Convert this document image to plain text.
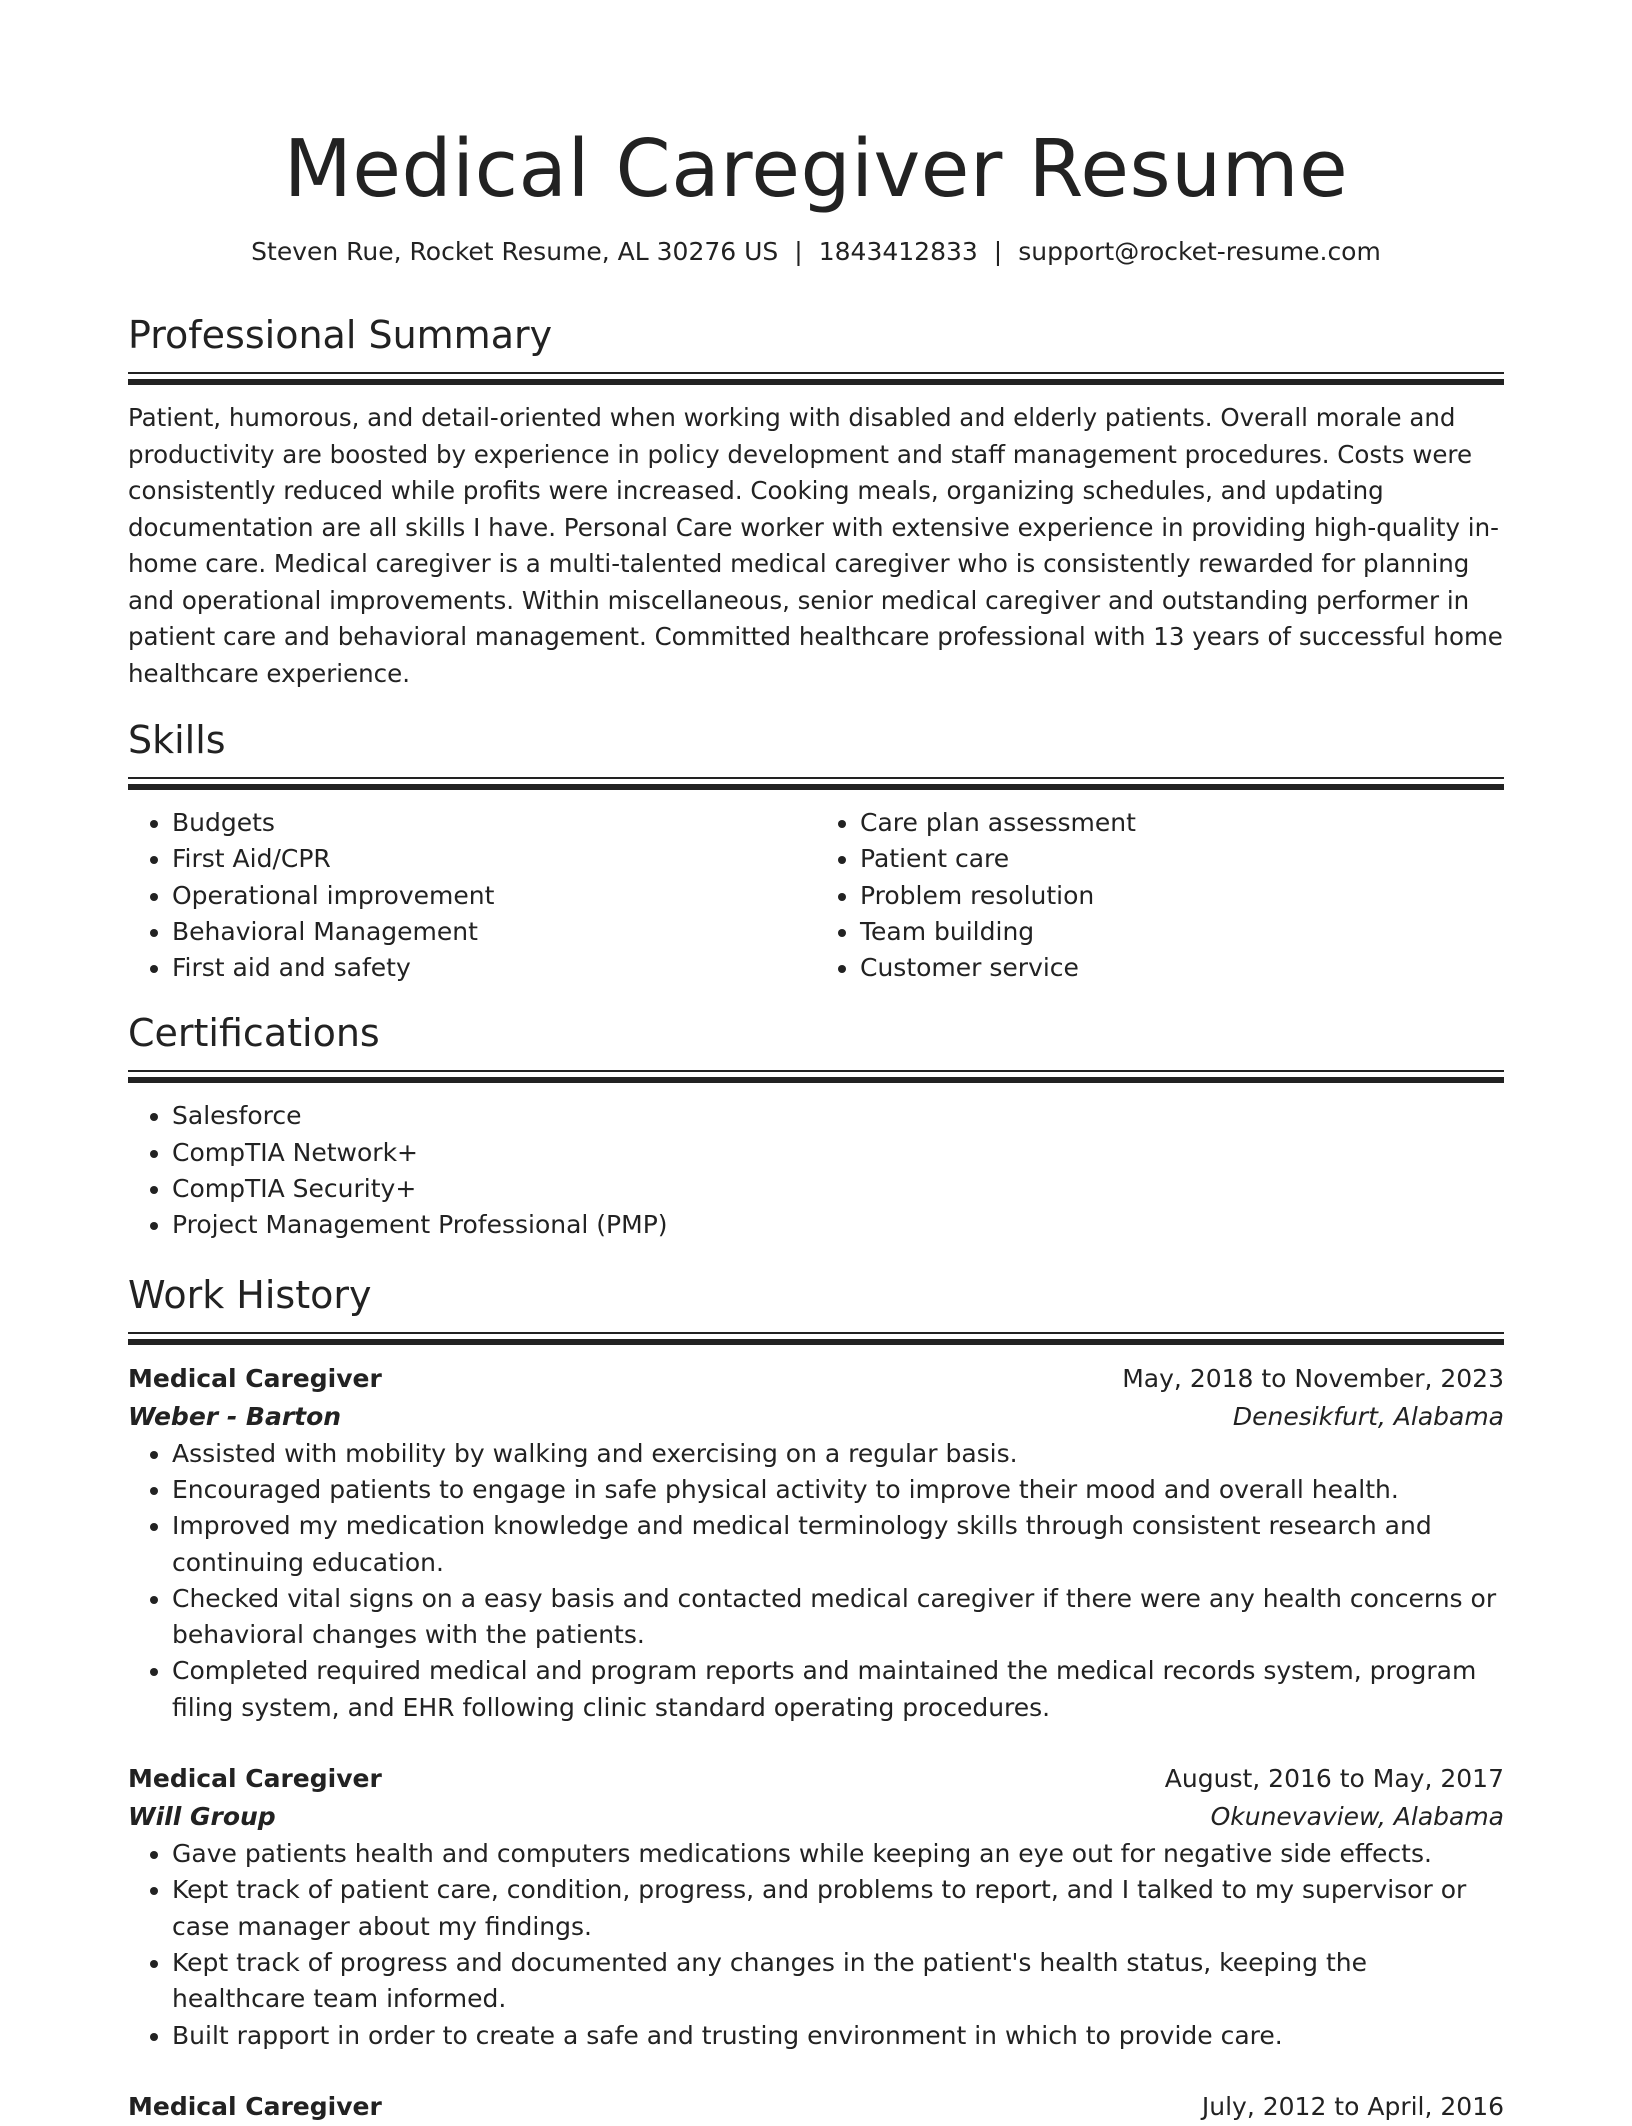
Medical Caregiver Resume
Steven Rue, Rocket Resume, AL 30276 US | 1843412833 | support@rocket-resume.com
Professional Summary
Patient, humorous, and detail-oriented when working with disabled and elderly patients. Overall morale and productivity are boosted by experience in policy development and staff management procedures. Costs were consistently reduced while profits were increased. Cooking meals, organizing schedules, and updating documentation are all skills I have. Personal Care worker with extensive experience in providing high-quality in-home care. Medical caregiver is a multi-talented medical caregiver who is consistently rewarded for planning and operational improvements. Within miscellaneous, senior medical caregiver and outstanding performer in patient care and behavioral management. Committed healthcare professional with 13 years of successful home healthcare experience.
Skills
• Budgets
• First Aid/CPR
• Operational improvement
• Behavioral Management
• First aid and safety
• Care plan assessment
• Patient care
• Problem resolution
• Team building
• Customer service
Certifications
• Salesforce
• CompTIA Network+
• CompTIA Security+
• Project Management Professional (PMP)
Work History
Medical Caregiver	May, 2018 to November, 2023
Weber - Barton	Denesikfurt, Alabama
• Assisted with mobility by walking and exercising on a regular basis.
• Encouraged patients to engage in safe physical activity to improve their mood and overall health.
• Improved my medication knowledge and medical terminology skills through consistent research and continuing education.
• Checked vital signs on a easy basis and contacted medical caregiver if there were any health concerns or behavioral changes with the patients.
• Completed required medical and program reports and maintained the medical records system, program filing system, and EHR following clinic standard operating procedures.
Medical Caregiver	August, 2016 to May, 2017
Will Group	Okunevaview, Alabama
• Gave patients health and computers medications while keeping an eye out for negative side effects.
• Kept track of patient care, condition, progress, and problems to report, and I talked to my supervisor or case manager about my findings.
• Kept track of progress and documented any changes in the patient's health status, keeping the healthcare team informed.
• Built rapport in order to create a safe and trusting environment in which to provide care.
Medical Caregiver	July, 2012 to April, 2016
